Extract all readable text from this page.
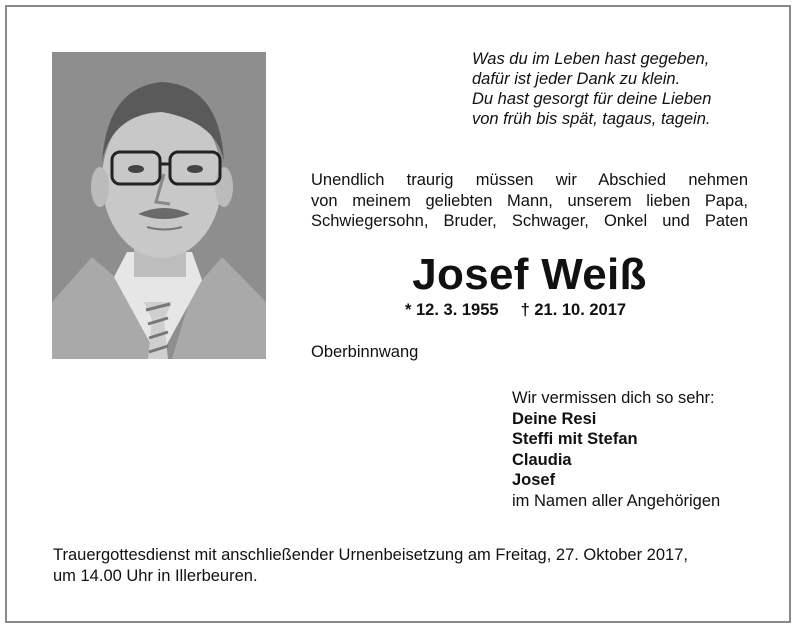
Was du im Leben hast gegeben,
dafür ist jeder Dank zu klein.
Du hast gesorgt für deine Lieben
von früh bis spät, tagaus, tagein.
Unendlich traurig müssen wir Abschied nehmen
von meinem geliebten Mann, unserem lieben Papa,
Schwiegersohn, Bruder, Schwager, Onkel und Paten
Josef Weiß
* 12. 3. 1955 † 21. 10. 2017
Oberbinnwang
Wir vermissen dich so sehr:
Deine Resi
Steffi mit Stefan
Claudia
Josef
im Namen aller Angehörigen
Trauergottesdienst mit anschließender Urnenbeisetzung am Freitag, 27. Oktober 2017,
um 14.00 Uhr in Illerbeuren.
